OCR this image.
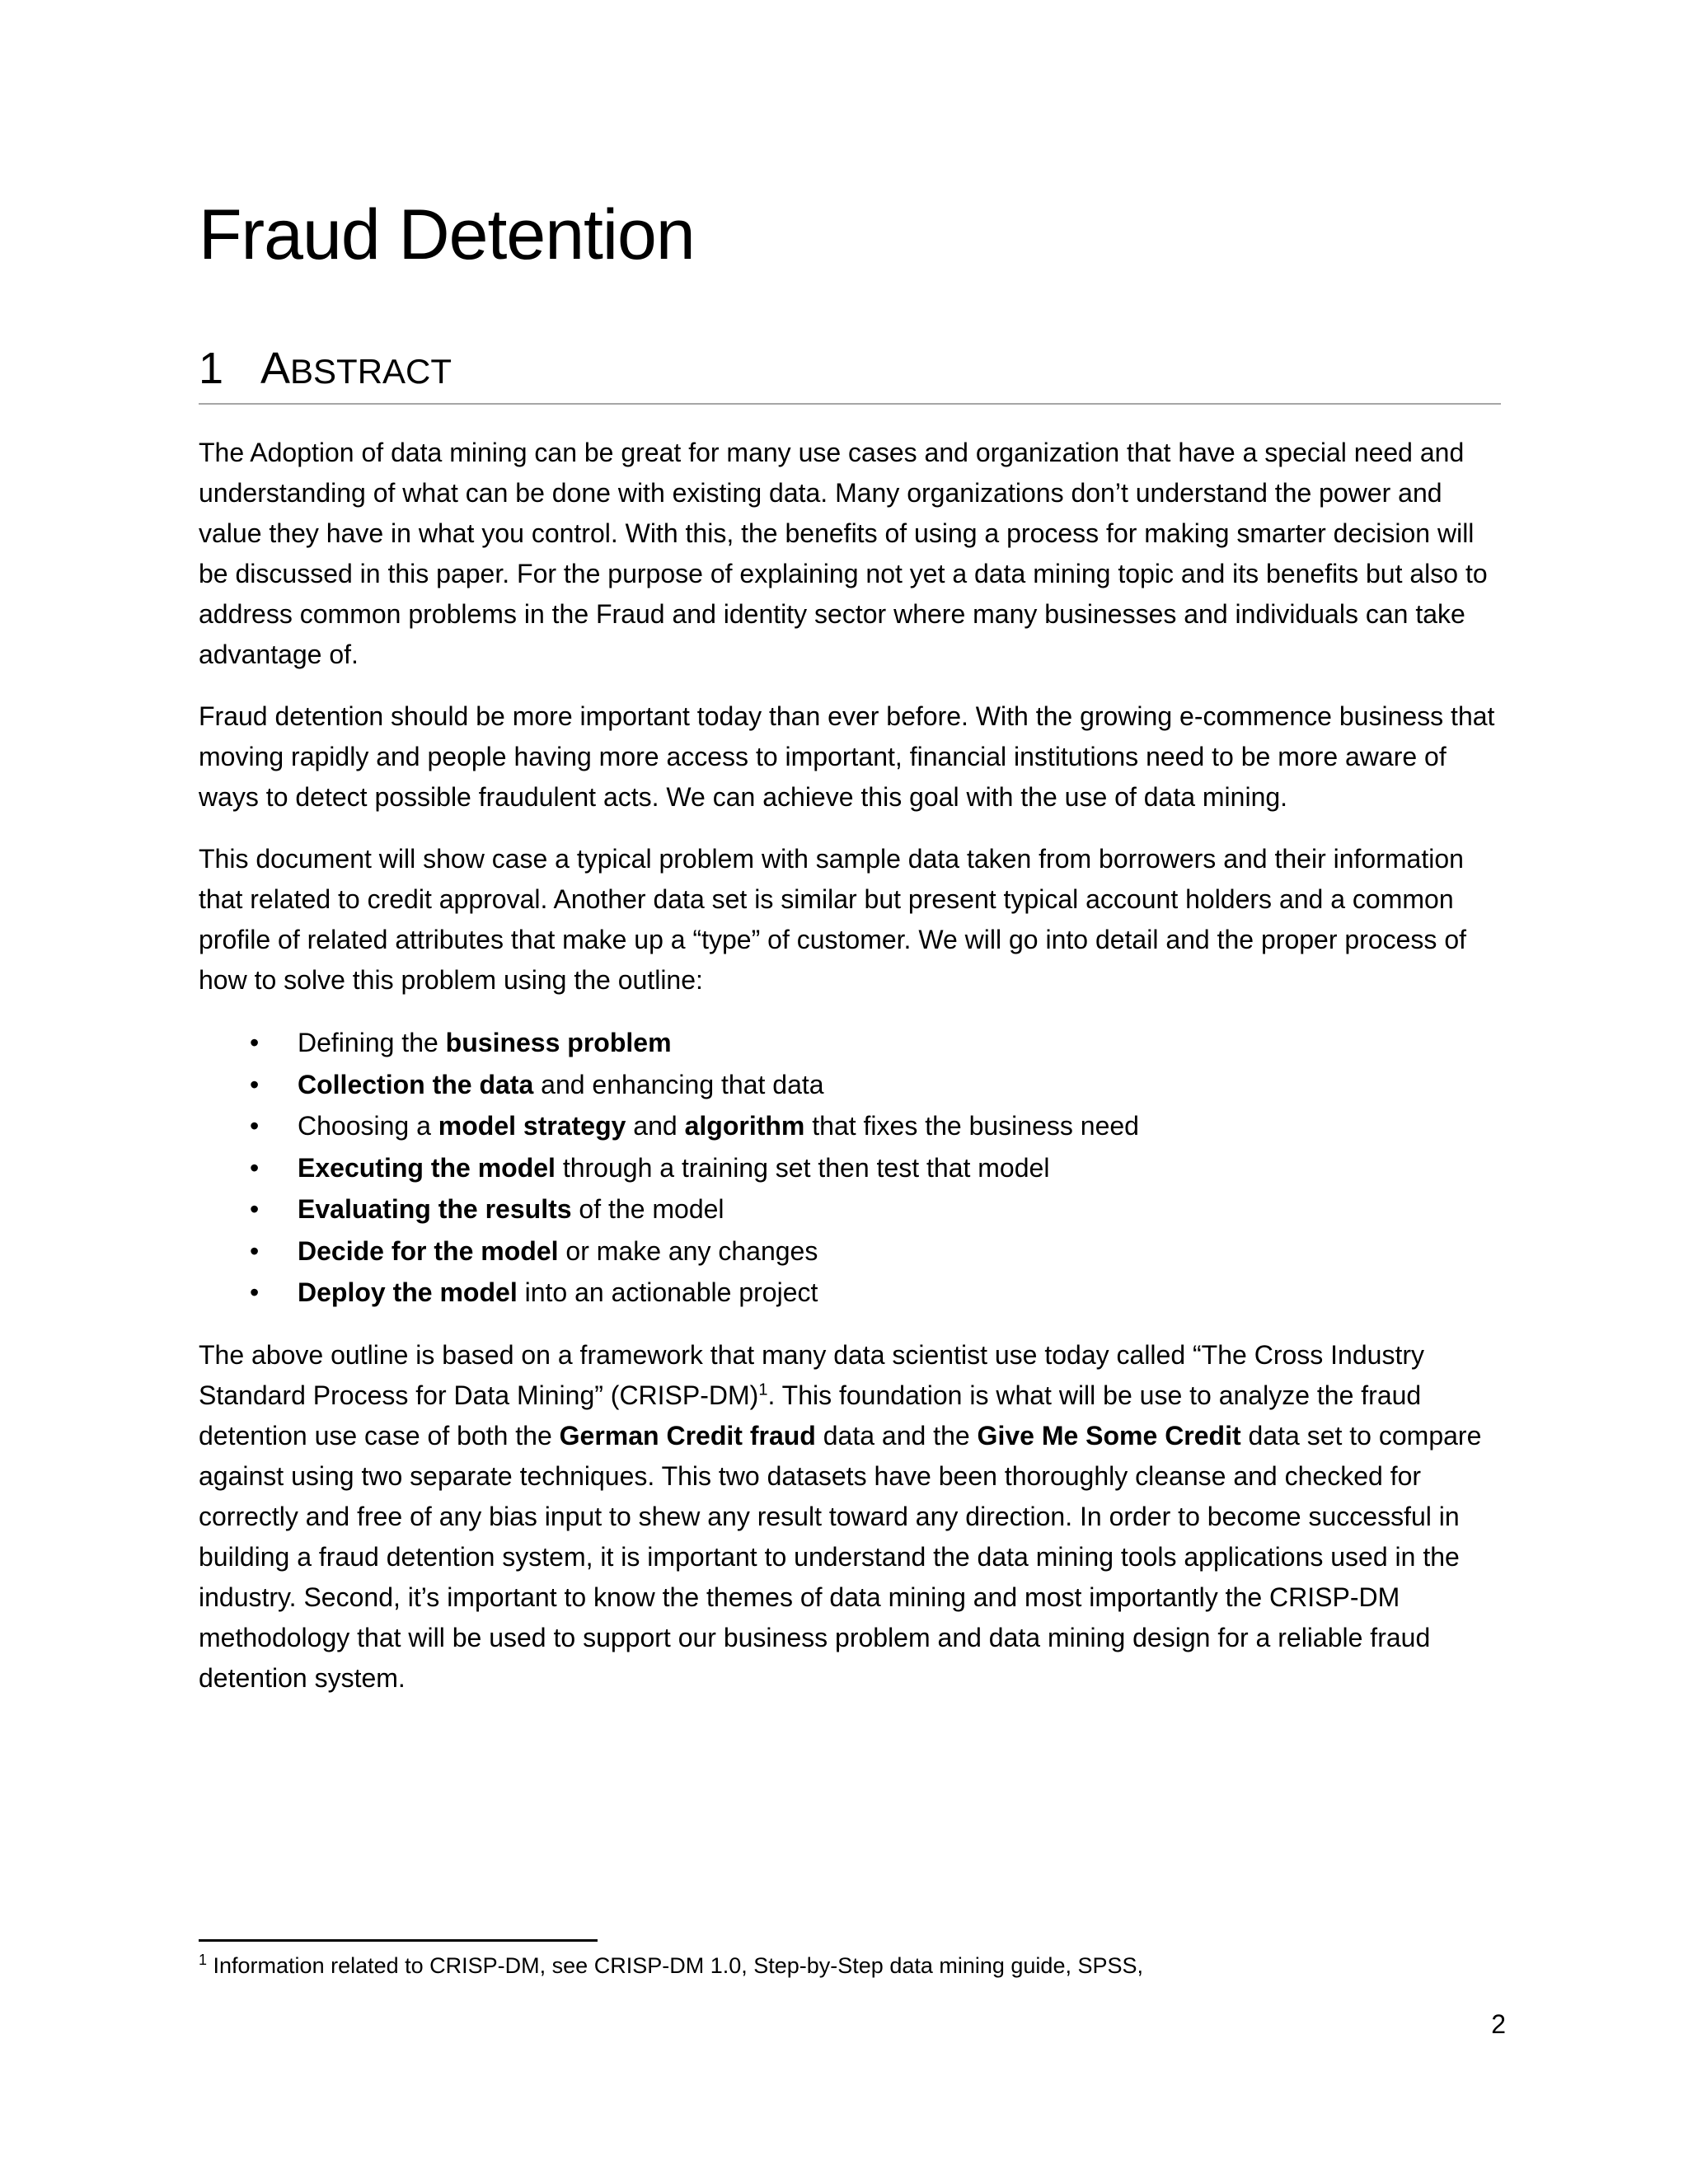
Fraud Detention
1 ABSTRACT

The Adoption of data mining can be great for many use cases and organization that have a special need and understanding of what can be done with existing data. Many organizations don’t understand the power and value they have in what you control. With this, the benefits of using a process for making smarter decision will be discussed in this paper. For the purpose of explaining not yet a data mining topic and its benefits but also to address common problems in the Fraud and identity sector where many businesses and individuals can take advantage of.

Fraud detention should be more important today than ever before. With the growing e-commence business that moving rapidly and people having more access to important, financial institutions need to be more aware of ways to detect possible fraudulent acts. We can achieve this goal with the use of data mining.

This document will show case a typical problem with sample data taken from borrowers and their information that related to credit approval. Another data set is similar but present typical account holders and a common profile of related attributes that make up a “type” of customer. We will go into detail and the proper process of how to solve this problem using the outline:

• Defining the business problem
• Collection the data and enhancing that data
• Choosing a model strategy and algorithm that fixes the business need
• Executing the model through a training set then test that model
• Evaluating the results of the model
• Decide for the model or make any changes
• Deploy the model into an actionable project

The above outline is based on a framework that many data scientist use today called “The Cross Industry Standard Process for Data Mining” (CRISP-DM)$^1$. This foundation is what will be use to analyze the fraud detention use case of both the German Credit fraud data and the Give Me Some Credit data set to compare against using two separate techniques. This two datasets have been thoroughly cleanse and checked for correctly and free of any bias input to shew any result toward any direction. In order to become successful in building a fraud detention system, it is important to understand the data mining tools applications used in the industry. Second, it’s important to know the themes of data mining and most importantly the CRISP-DM methodology that will be used to support our business problem and data mining design for a reliable fraud detention system.

$^1$ Information related to CRISP-DM, see CRISP-DM 1.0, Step-by-Step data mining guide, SPSS,
2
